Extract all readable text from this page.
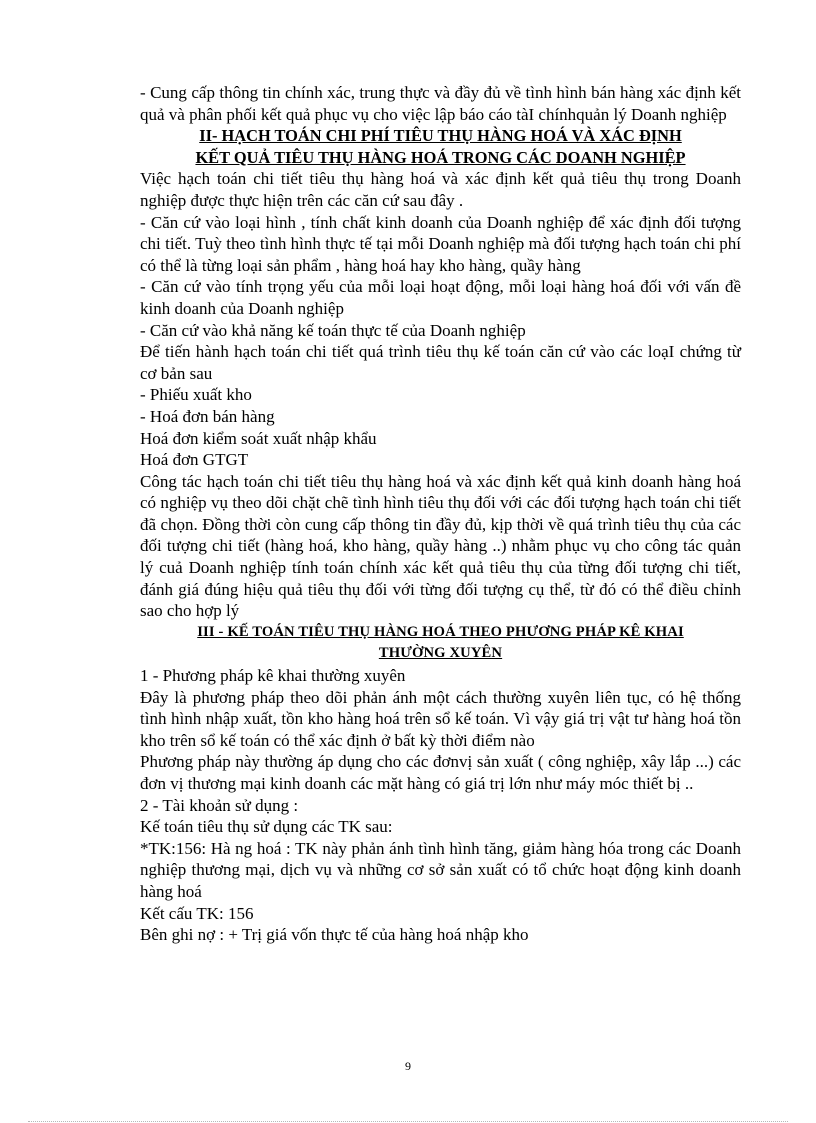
- Cung cấp thông tin chính xác, trung thực và đầy đủ về tình hình bán hàng xác định kết quả và phân phối kết quả phục vụ cho việc lập báo cáo tàI chínhquản lý Doanh nghiệp

II- HẠCH TOÁN CHI PHÍ TIÊU THỤ HÀNG HOÁ VÀ XÁC ĐỊNH

KẾT QUẢ TIÊU THỤ HÀNG HOÁ TRONG CÁC DOANH NGHIỆP

Việc hạch toán chi tiết tiêu thụ hàng hoá và xác định kết quả tiêu thụ trong Doanh nghiệp được thực hiện trên các căn cứ sau đây .

- Căn cứ vào loại hình , tính chất kinh doanh của Doanh nghiệp để xác định đối tượng chi tiết. Tuỳ theo tình hình thực tế tại mỗi Doanh nghiệp mà đối tượng hạch toán chi phí có thể là từng loại sản phẩm , hàng hoá hay kho hàng, quầy hàng

- Căn cứ vào tính trọng yếu của mỗi loại hoạt động, mỗi loại hàng hoá đối với vấn đề kinh doanh của Doanh nghiệp

- Căn cứ vào khả năng kế toán thực tế của Doanh nghiệp

Để tiến hành hạch toán chi tiết quá trình tiêu thụ kế toán căn cứ vào các loạI chứng từ cơ bản sau

- Phiếu xuất kho

- Hoá đơn bán hàng

Hoá đơn kiểm soát xuất nhập khẩu

Hoá đơn GTGT

Công tác hạch toán chi tiết tiêu thụ hàng hoá và xác định kết quả kinh doanh hàng hoá có nghiệp vụ theo dõi chặt chẽ tình hình tiêu thụ đối với các đối tượng hạch toán chi tiết đã chọn. Đồng thời còn cung cấp thông tin đầy đủ, kịp thời về quá trình tiêu thụ của các đối tượng chi tiết (hàng hoá, kho hàng, quầy hàng ..) nhằm phục vụ cho công tác quản lý cuả Doanh nghiệp tính toán chính xác kết quả tiêu thụ của từng đối tượng chi tiết, đánh giá đúng hiệu quả tiêu thụ đối với từng đối tượng cụ thể, từ đó có thể điều chỉnh sao cho hợp lý

III - KẾ TOÁN TIÊU THỤ HÀNG HOÁ THEO PHƯƠNG PHÁP KÊ KHAI

THƯỜNG XUYÊN

1 - Phương pháp kê khai thường xuyên

Đây là phương pháp theo dõi phản ánh một cách thường xuyên liên tục, có hệ thống tình hình nhập xuất, tồn kho hàng hoá trên sổ kế toán. Vì vậy giá trị vật tư hàng hoá tồn kho trên sổ kế toán có thể xác định ở bất kỳ thời điểm nào

Phương pháp này thường áp dụng cho các đơnvị sản xuất ( công nghiệp, xây lắp ...) các đơn vị thương mại kinh doanh các mặt hàng có giá trị lớn như máy móc thiết bị ..

2 - Tài khoản sử dụng :

Kế toán tiêu thụ sử dụng các TK sau:

*TK:156: Hà ng hoá : TK này phản ánh tình hình tăng, giảm hàng hóa trong các Doanh nghiệp thương mại, dịch vụ và những cơ sở sản xuất có tổ chức hoạt động kinh doanh hàng hoá

Kết cấu TK: 156

Bên ghi nợ : + Trị giá vốn thực tế của hàng hoá nhập kho

9
